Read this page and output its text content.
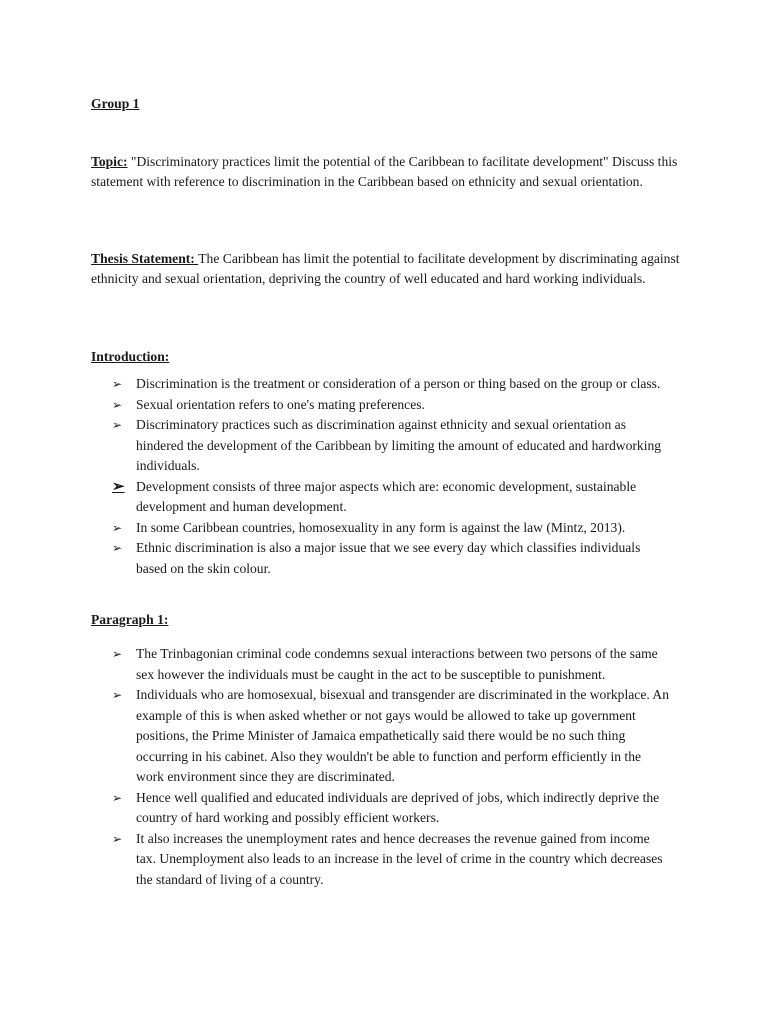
Group 1
Topic: "Discriminatory practices limit the potential of the Caribbean to facilitate development" Discuss this statement with reference to discrimination in the Caribbean based on ethnicity and sexual orientation.
Thesis Statement: The Caribbean has limit the potential to facilitate development by discriminating against ethnicity and sexual orientation, depriving the country of well educated and hard working individuals.
Introduction:
➢ Discrimination is the treatment or consideration of a person or thing based on the group or class.
➢ Sexual orientation refers to one's mating preferences.
➢ Discriminatory practices such as discrimination against ethnicity and sexual orientation as hindered the development of the Caribbean by limiting the amount of educated and hardworking individuals.
➢ Development consists of three major aspects which are: economic development, sustainable development and human development.
➢ In some Caribbean countries, homosexuality in any form is against the law (Mintz, 2013).
➢ Ethnic discrimination is also a major issue that we see every day which classifies individuals based on the skin colour.
Paragraph 1:
➢ The Trinbagonian criminal code condemns sexual interactions between two persons of the same sex however the individuals must be caught in the act to be susceptible to punishment.
➢ Individuals who are homosexual, bisexual and transgender are discriminated in the workplace. An example of this is when asked whether or not gays would be allowed to take up government positions, the Prime Minister of Jamaica empathetically said there would be no such thing occurring in his cabinet. Also they wouldn't be able to function and perform efficiently in the work environment since they are discriminated.
➢ Hence well qualified and educated individuals are deprived of jobs, which indirectly deprive the country of hard working and possibly efficient workers.
➢ It also increases the unemployment rates and hence decreases the revenue gained from income tax. Unemployment also leads to an increase in the level of crime in the country which decreases the standard of living of a country.
